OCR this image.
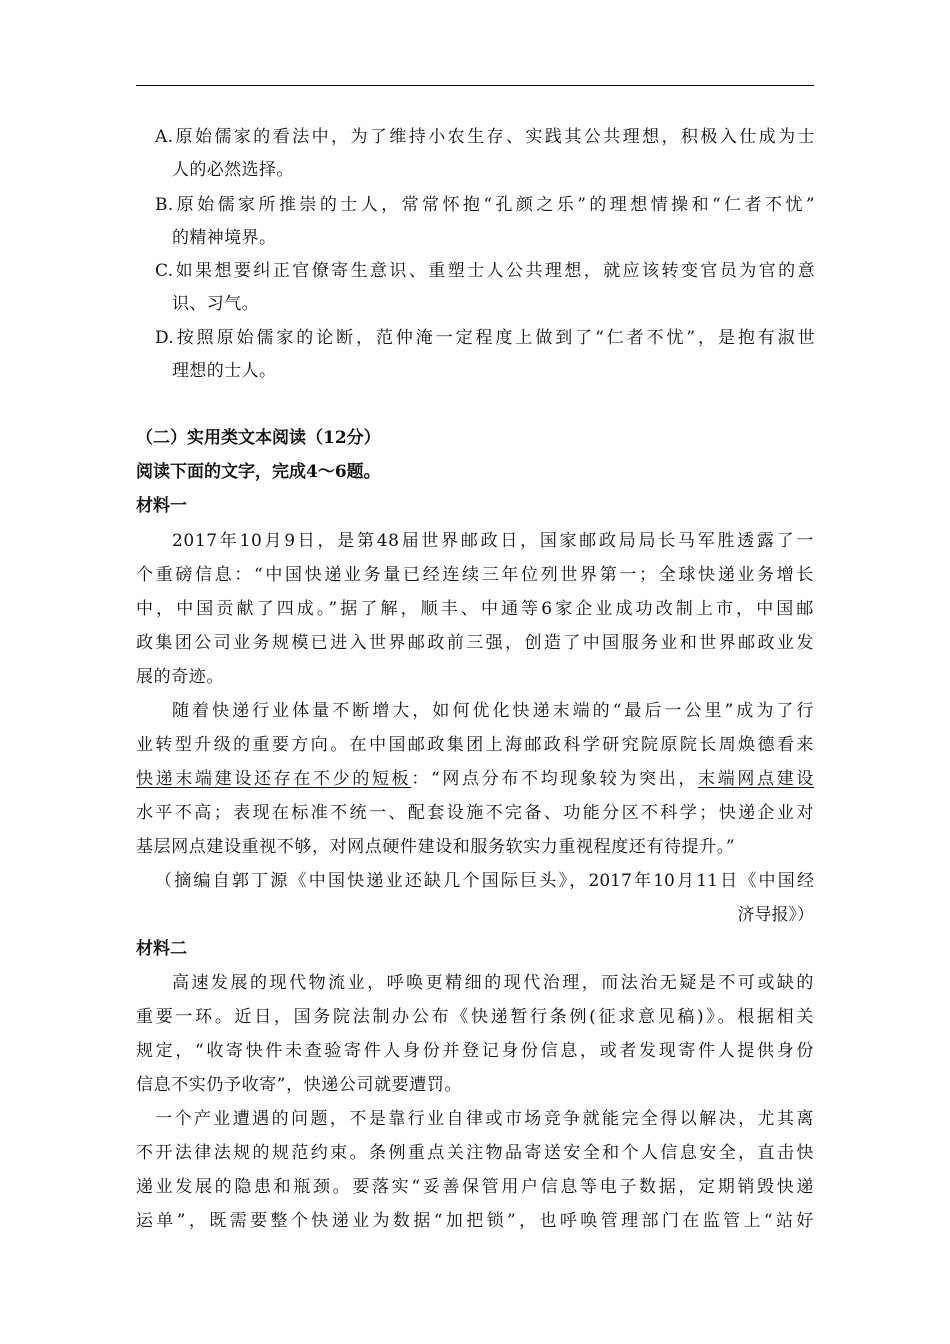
A.原始儒家的看法中，为了维持小农生存、实践其公共理想，积极入仕成为士
人的必然选择。
B.原始儒家所推崇的士人，常常怀抱“孔颜之乐”的理想情操和“仁者不忧”
的精神境界。
C.如果想要纠正官僚寄生意识、重塑士人公共理想，就应该转变官员为官的意
识、习气。
D.按照原始儒家的论断，范仲淹一定程度上做到了“仁者不忧”，是抱有淑世
理想的士人。
（二）实用类文本阅读（12分）
阅读下面的文字，完成4～6题。
材料一
2017年10月9日，是第48届世界邮政日，国家邮政局局长马军胜透露了一
个重磅信息：“中国快递业务量已经连续三年位列世界第一；全球快递业务增长
中，中国贡献了四成。”据了解，顺丰、中通等6家企业成功改制上市，中国邮
政集团公司业务规模已进入世界邮政前三强，创造了中国服务业和世界邮政业发
展的奇迹。
随着快递行业体量不断增大，如何优化快递末端的“最后一公里”成为了行
业转型升级的重要方向。在中国邮政集团上海邮政科学研究院原院长周焕德看来
快递末端建设还存在不少的短板：“网点分布不均现象较为突出，末端网点建设
水平不高；表现在标准不统一、配套设施不完备、功能分区不科学；快递企业对
基层网点建设重视不够，对网点硬件建设和服务软实力重视程度还有待提升。”
（摘编自郭丁源《中国快递业还缺几个国际巨头》，2017年10月11日《中国经
济导报》）
材料二
高速发展的现代物流业，呼唤更精细的现代治理，而法治无疑是不可或缺的
重要一环。近日，国务院法制办公布《快递暂行条例(征求意见稿)》。根据相关
规定，“收寄快件未查验寄件人身份并登记身份信息，或者发现寄件人提供身份
信息不实仍予收寄”，快递公司就要遭罚。
一个产业遭遇的问题，不是靠行业自律或市场竞争就能完全得以解决，尤其离
不开法律法规的规范约束。条例重点关注物品寄送安全和个人信息安全，直击快
递业发展的隐患和瓶颈。要落实“妥善保管用户信息等电子数据，定期销毁快递
运单”，既需要整个快递业为数据“加把锁”，也呼唤管理部门在监管上“站好
